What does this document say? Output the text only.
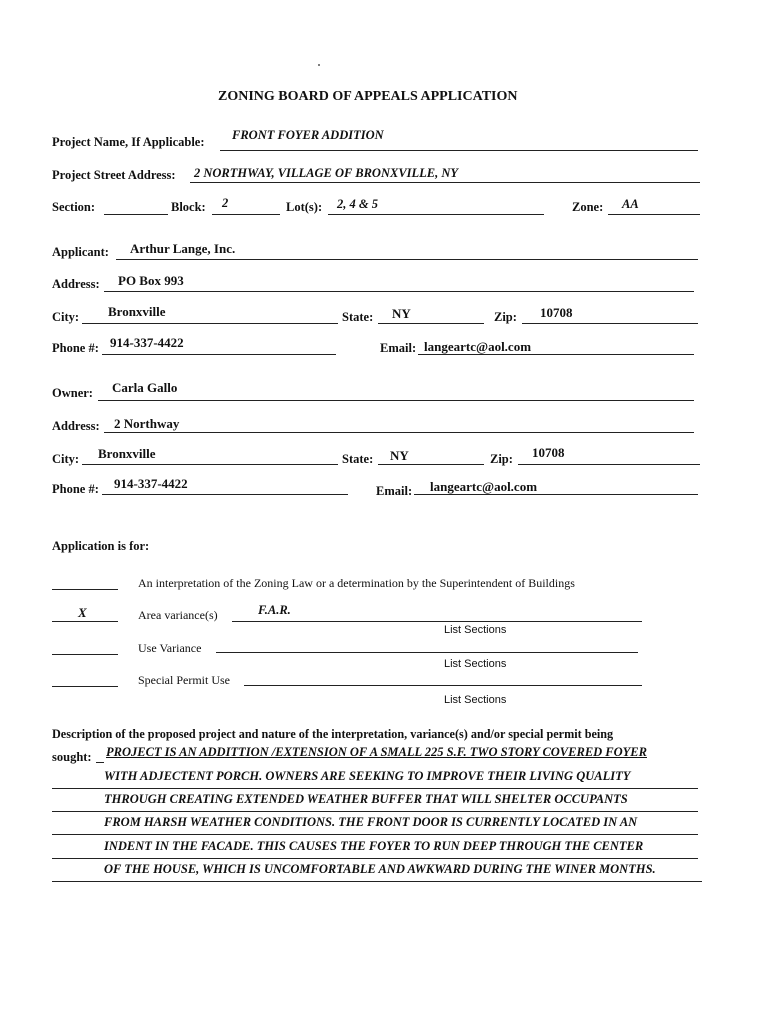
ZONING BOARD OF APPEALS APPLICATION
Project Name, If Applicable: FRONT FOYER ADDITION
Project Street Address: 2 NORTHWAY, VILLAGE OF BRONXVILLE, NY
Section:	Block: 2	Lot(s): 2, 4 & 5	Zone: AA
Applicant: Arthur Lange, Inc.
Address: PO Box 993
City: Bronxville	State: NY	Zip: 10708
Phone #: 914-337-4422	Email: langeartc@aol.com
Owner: Carla Gallo
Address: 2 Northway
City: Bronxville	State: NY	Zip: 10708
Phone #: 914-337-4422	Email: langeartc@aol.com
Application is for:
An interpretation of the Zoning Law or a determination by the Superintendent of Buildings
X	Area variance(s)	F.A.R.
List Sections
Use Variance
List Sections
Special Permit Use
List Sections
Description of the proposed project and nature of the interpretation, variance(s) and/or special permit being
sought: PROJECT IS AN ADDITTION /EXTENSION OF A SMALL 225 S.F. TWO STORY COVERED FOYER
WITH ADJECTENT PORCH. OWNERS ARE SEEKING TO IMPROVE THEIR LIVING QUALITY
THROUGH CREATING EXTENDED WEATHER BUFFER THAT WILL SHELTER OCCUPANTS
FROM HARSH WEATHER CONDITIONS. THE FRONT DOOR IS CURRENTLY LOCATED IN AN
INDENT IN THE FACADE. THIS CAUSES THE FOYER TO RUN DEEP THROUGH THE CENTER
OF THE HOUSE, WHICH IS UNCOMFORTABLE AND AWKWARD DURING THE WINER MONTHS.
